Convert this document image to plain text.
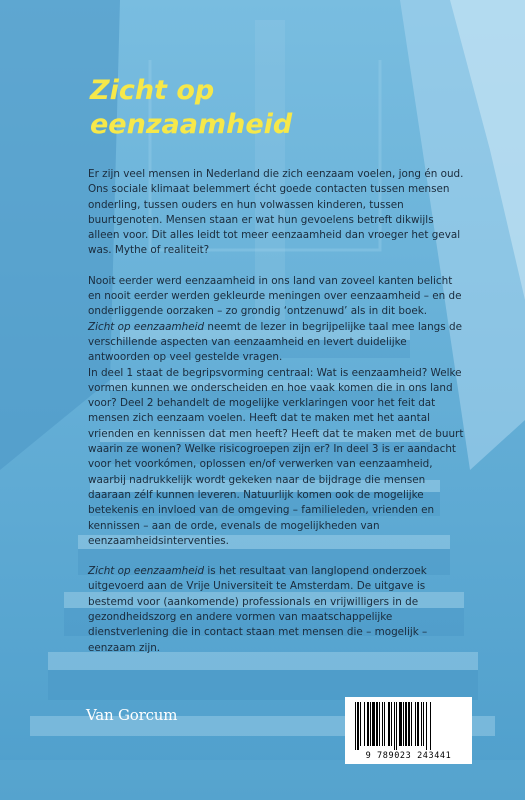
Zicht op
eenzaamheid

Er zijn veel mensen in Nederland die zich eenzaam voelen, jong én oud. Ons sociale klimaat belemmert écht goede contacten tussen mensen onderling, tussen ouders en hun volwassen kinderen, tussen buurtgenoten. Mensen staan er wat hun gevoelens betreft dikwijls alleen voor. Dit alles leidt tot meer eenzaamheid dan vroeger het geval was. Mythe of realiteit?

Nooit eerder werd eenzaamheid in ons land van zoveel kanten belicht en nooit eerder werden gekleurde meningen over eenzaamheid – en de onderliggende oorzaken – zo grondig ‘ontzenuwd’ als in dit boek.

Zicht op eenzaamheid neemt de lezer in begrijpelijke taal mee langs de verschillende aspecten van eenzaamheid en levert duidelijke antwoorden op veel gestelde vragen.

In deel 1 staat de begripsvorming centraal: Wat is eenzaamheid? Welke vormen kunnen we onderscheiden en hoe vaak komen die in ons land voor? Deel 2 behandelt de mogelijke verklaringen voor het feit dat mensen zich eenzaam voelen. Heeft dat te maken met het aantal vrienden en kennissen dat men heeft? Heeft dat te maken met de buurt waarin ze wonen? Welke risicogroepen zijn er? In deel 3 is er aandacht voor het voorkómen, oplossen en/of verwerken van eenzaamheid, waarbij nadrukkelijk wordt gekeken naar de bijdrage die mensen daaraan zélf kunnen leveren. Natuurlijk komen ook de mogelijke betekenis en invloed van de omgeving – familieleden, vrienden en kennissen – aan de orde, evenals de mogelijkheden van eenzaamheidsinterventies.

Zicht op eenzaamheid is het resultaat van langlopend onderzoek uitgevoerd aan de Vrije Universiteit te Amsterdam. De uitgave is bestemd voor (aankomende) professionals en vrijwilligers in de gezondheidszorg en andere vormen van maatschappelijke dienstverlening die in contact staan met mensen die – mogelijk – eenzaam zijn.

Van Gorcum
9 789023 243441
